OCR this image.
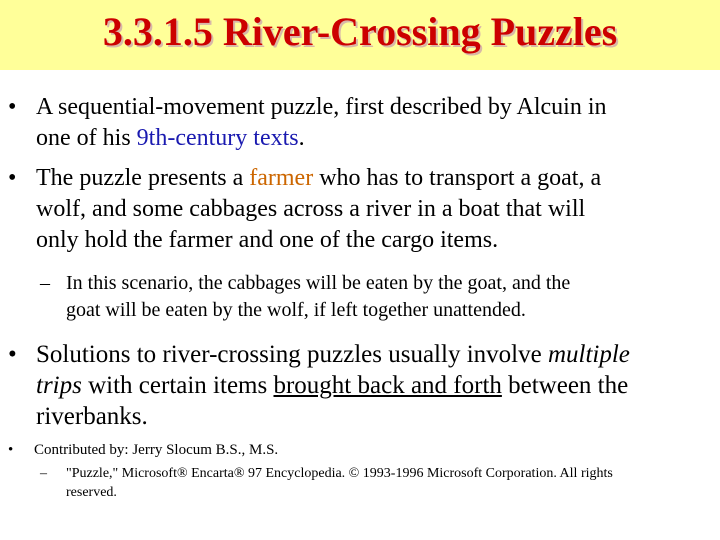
3.3.1.5 River-Crossing Puzzles
• A sequential-movement puzzle, first described by Alcuin in
one of his 9th-century texts.
• The puzzle presents a farmer who has to transport a goat, a
wolf, and some cabbages across a river in a boat that will
only hold the farmer and one of the cargo items.
– In this scenario, the cabbages will be eaten by the goat, and the
goat will be eaten by the wolf, if left together unattended.
• Solutions to river-crossing puzzles usually involve multiple
trips with certain items brought back and forth between the
riverbanks.
• Contributed by: Jerry Slocum B.S., M.S.
– "Puzzle," Microsoft® Encarta® 97 Encyclopedia. © 1993-1996 Microsoft Corporation. All rights
reserved.
